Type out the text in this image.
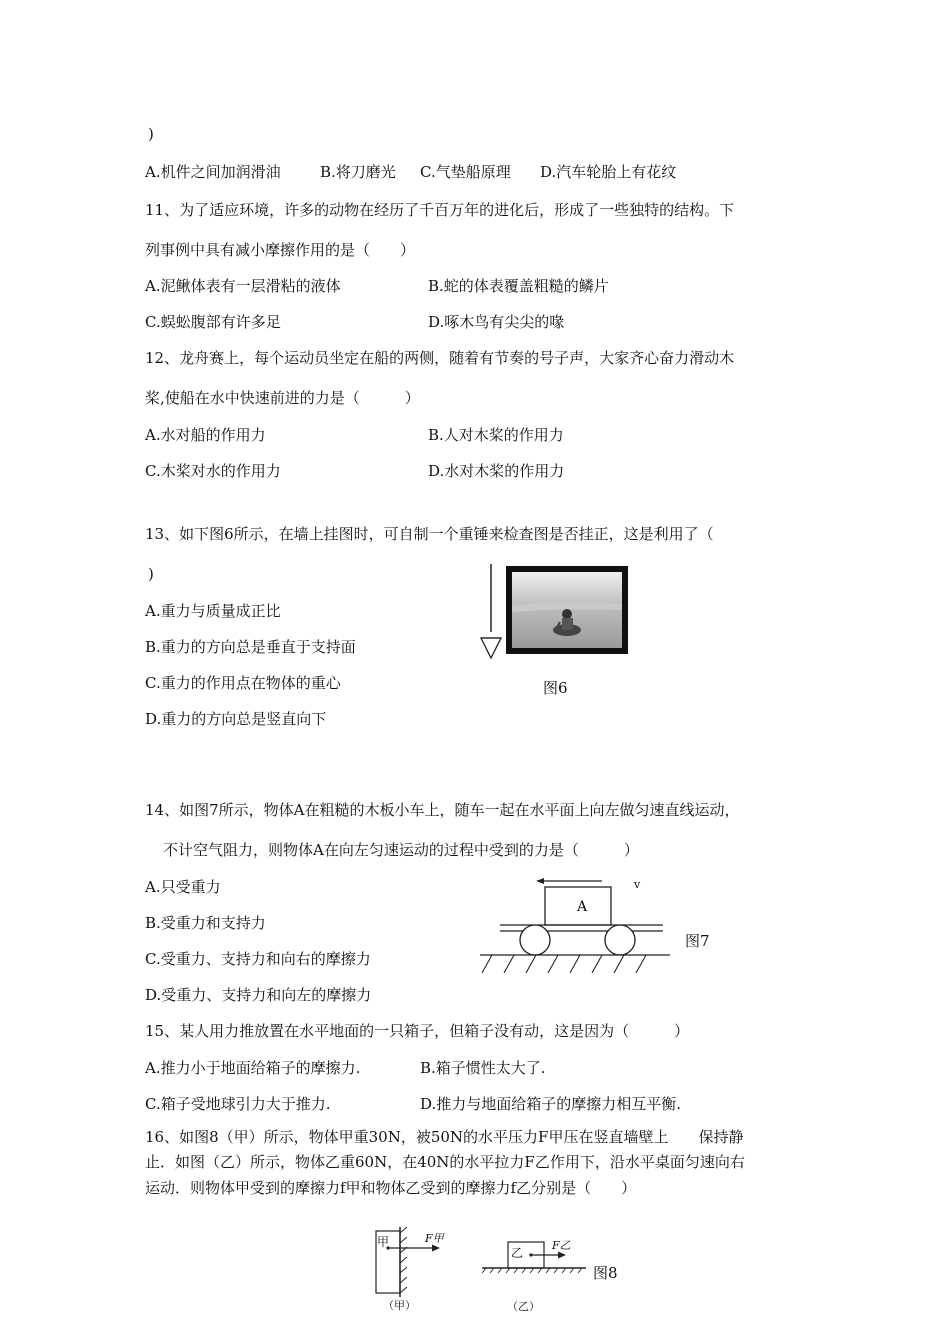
)
A.机件之间加润滑油	B.将刀磨光 C.气垫船原理 D.汽车轮胎上有花纹
11、为了适应环境，许多的动物在经历了千百万年的进化后，形成了一些独特的结构。下
列事例中具有减小摩擦作用的是（　　）
A.泥鳅体表有一层滑粘的液体	B.蛇的体表覆盖粗糙的鳞片
C.蜈蚣腹部有许多足	D.啄木鸟有尖尖的喙
12、龙舟赛上，每个运动员坐定在船的两侧，随着有节奏的号子声，大家齐心奋力滑动木
桨,使船在水中快速前进的力是（　　　）
A.水对船的作用力	B.人对木桨的作用力
C.木桨对水的作用力	D.水对木桨的作用力
13、如下图6所示，在墙上挂图时，可自制一个重锤来检查图是否挂正，这是利用了（
)
A.重力与质量成正比
B.重力的方向总是垂直于支持面
C.重力的作用点在物体的重心
D.重力的方向总是竖直向下
图6
14、如图7所示，物体A在粗糙的木板小车上，随车一起在水平面上向左做匀速直线运动，
不计空气阻力，则物体A在向左匀速运动的过程中受到的力是（　　　）
A.只受重力
B.受重力和支持力
C.受重力、支持力和向右的摩擦力
D.受重力、支持力和向左的摩擦力
A
v
图7
15、某人用力推放置在水平地面的一只箱子，但箱子没有动，这是因为（　　　）
A.推力小于地面给箱子的摩擦力.	B.箱子惯性太大了.
C.箱子受地球引力大于推力.	D.推力与地面给箱子的摩擦力相互平衡.
16、如图8（甲）所示，物体甲重30N，被50N的水平压力F甲压在竖直墙壁上　　保持静
止．如图（乙）所示，物体乙重60N，在40N的水平拉力F乙作用下，沿水平桌面匀速向右
运动．则物体甲受到的摩擦力f甲和物体乙受到的摩擦力f乙分别是（　　）
甲	F甲
（甲）
乙
F乙
（乙）
图8
